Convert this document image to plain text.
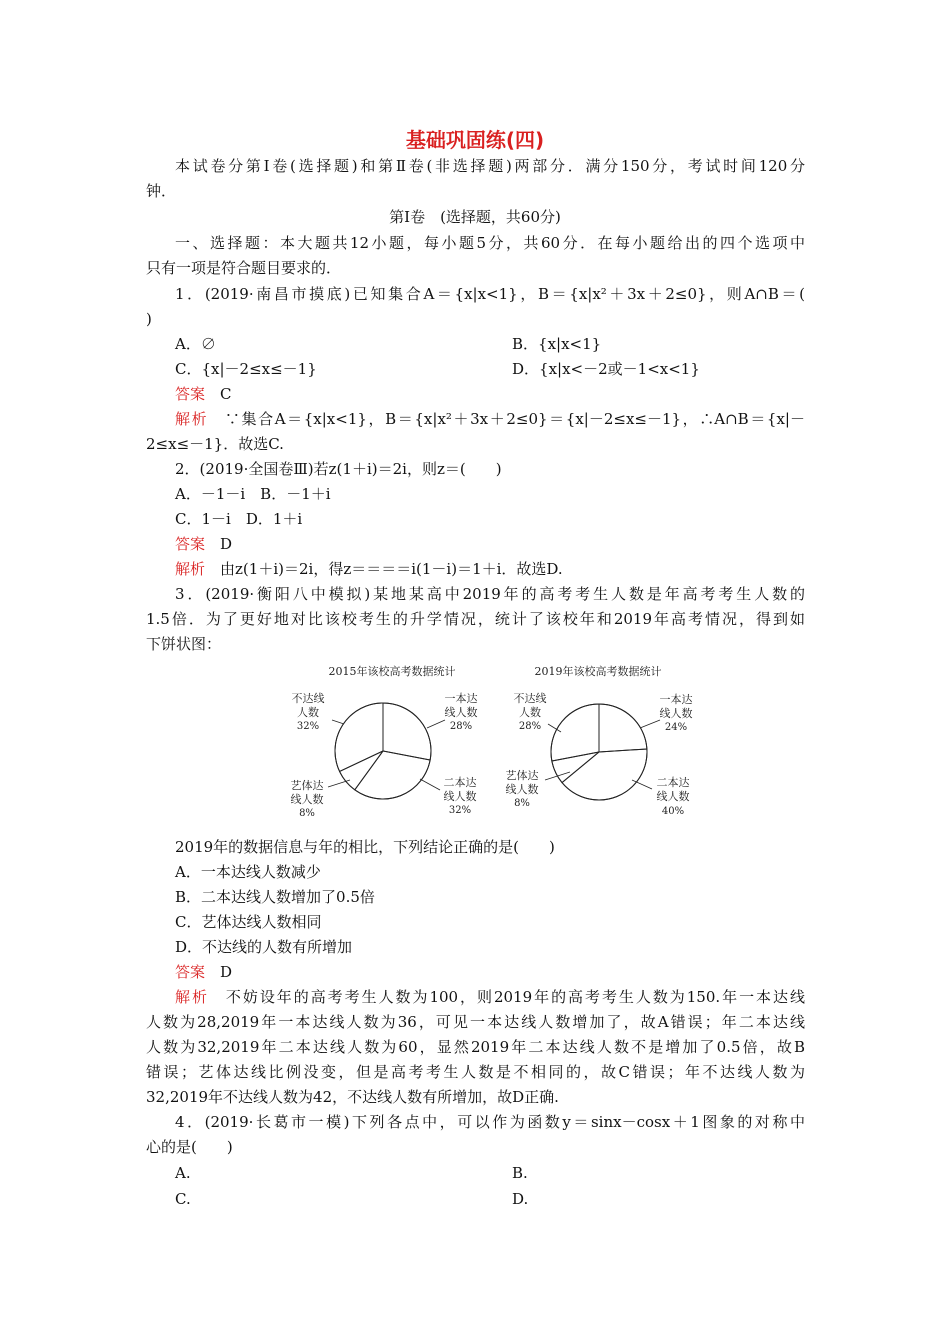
基础巩固练(四)
本试卷分第Ⅰ卷(选择题)和第Ⅱ卷(非选择题)两部分．满分150分，考试时间120分
钟．
第Ⅰ卷　(选择题，共60分)
一、选择题：本大题共12小题，每小题5分，共60分．在每小题给出的四个选项中
只有一项是符合题目要求的．
1．(2019·南昌市摸底)已知集合A＝{x|x<1}，B＝{x|x²＋3x＋2≤0}，则A∩B＝(
)
A．∅	B．{x|x<1}
C．{x|－2≤x≤－1}	D．{x|x<－2或－1<x<1}
答案　 C
解析　 ∵集合A＝{x|x<1}，B＝{x|x²＋3x＋2≤0}＝{x|－2≤x≤－1}，∴A∩B＝{x|－
2≤x≤－1}．故选C.
2．(2019·全国卷Ⅲ)若z(1＋i)＝2i，则z＝(　　)
A．－1－i　B．－1＋i
C．1－i　D．1＋i
答案　 D
解析　 由z(1＋i)＝2i，得z＝＝＝＝i(1－i)＝1＋i．故选D.
3．(2019·衡阳八中模拟)某地某高中2019年的高考考生人数是年高考考生人数的
1.5倍．为了更好地对比该校考生的升学情况，统计了该校年和2019年高考情况，得到如
下饼状图：
2015年该校高考数据统计
不达线
人数
32%
一本达
线人数
28%
二本达
线人数
32%
艺体达
线人数
8%
2019年该校高考数据统计
不达线
人数
28%
一本达
线人数
24%
二本达
线人数
40%
艺体达
线人数
8%
2019年的数据信息与年的相比，下列结论正确的是(　　)
A．一本达线人数减少
B．二本达线人数增加了0.5倍
C．艺体达线人数相同
D．不达线的人数有所增加
答案　 D
解析　 不妨设年的高考考生人数为100，则2019年的高考考生人数为150.年一本达线
人数为28,2019年一本达线人数为36，可见一本达线人数增加了，故A错误；年二本达线
人数为32,2019年二本达线人数为60，显然2019年二本达线人数不是增加了0.5倍，故B
错误；艺体达线比例没变，但是高考考生人数是不相同的，故C错误；年不达线人数为
32,2019年不达线人数为42，不达线人数有所增加，故D正确.
4．(2019·长葛市一模)下列各点中，可以作为函数y＝sinx－cosx＋1图象的对称中
心的是(　　)
A.	B.
C.	D.
